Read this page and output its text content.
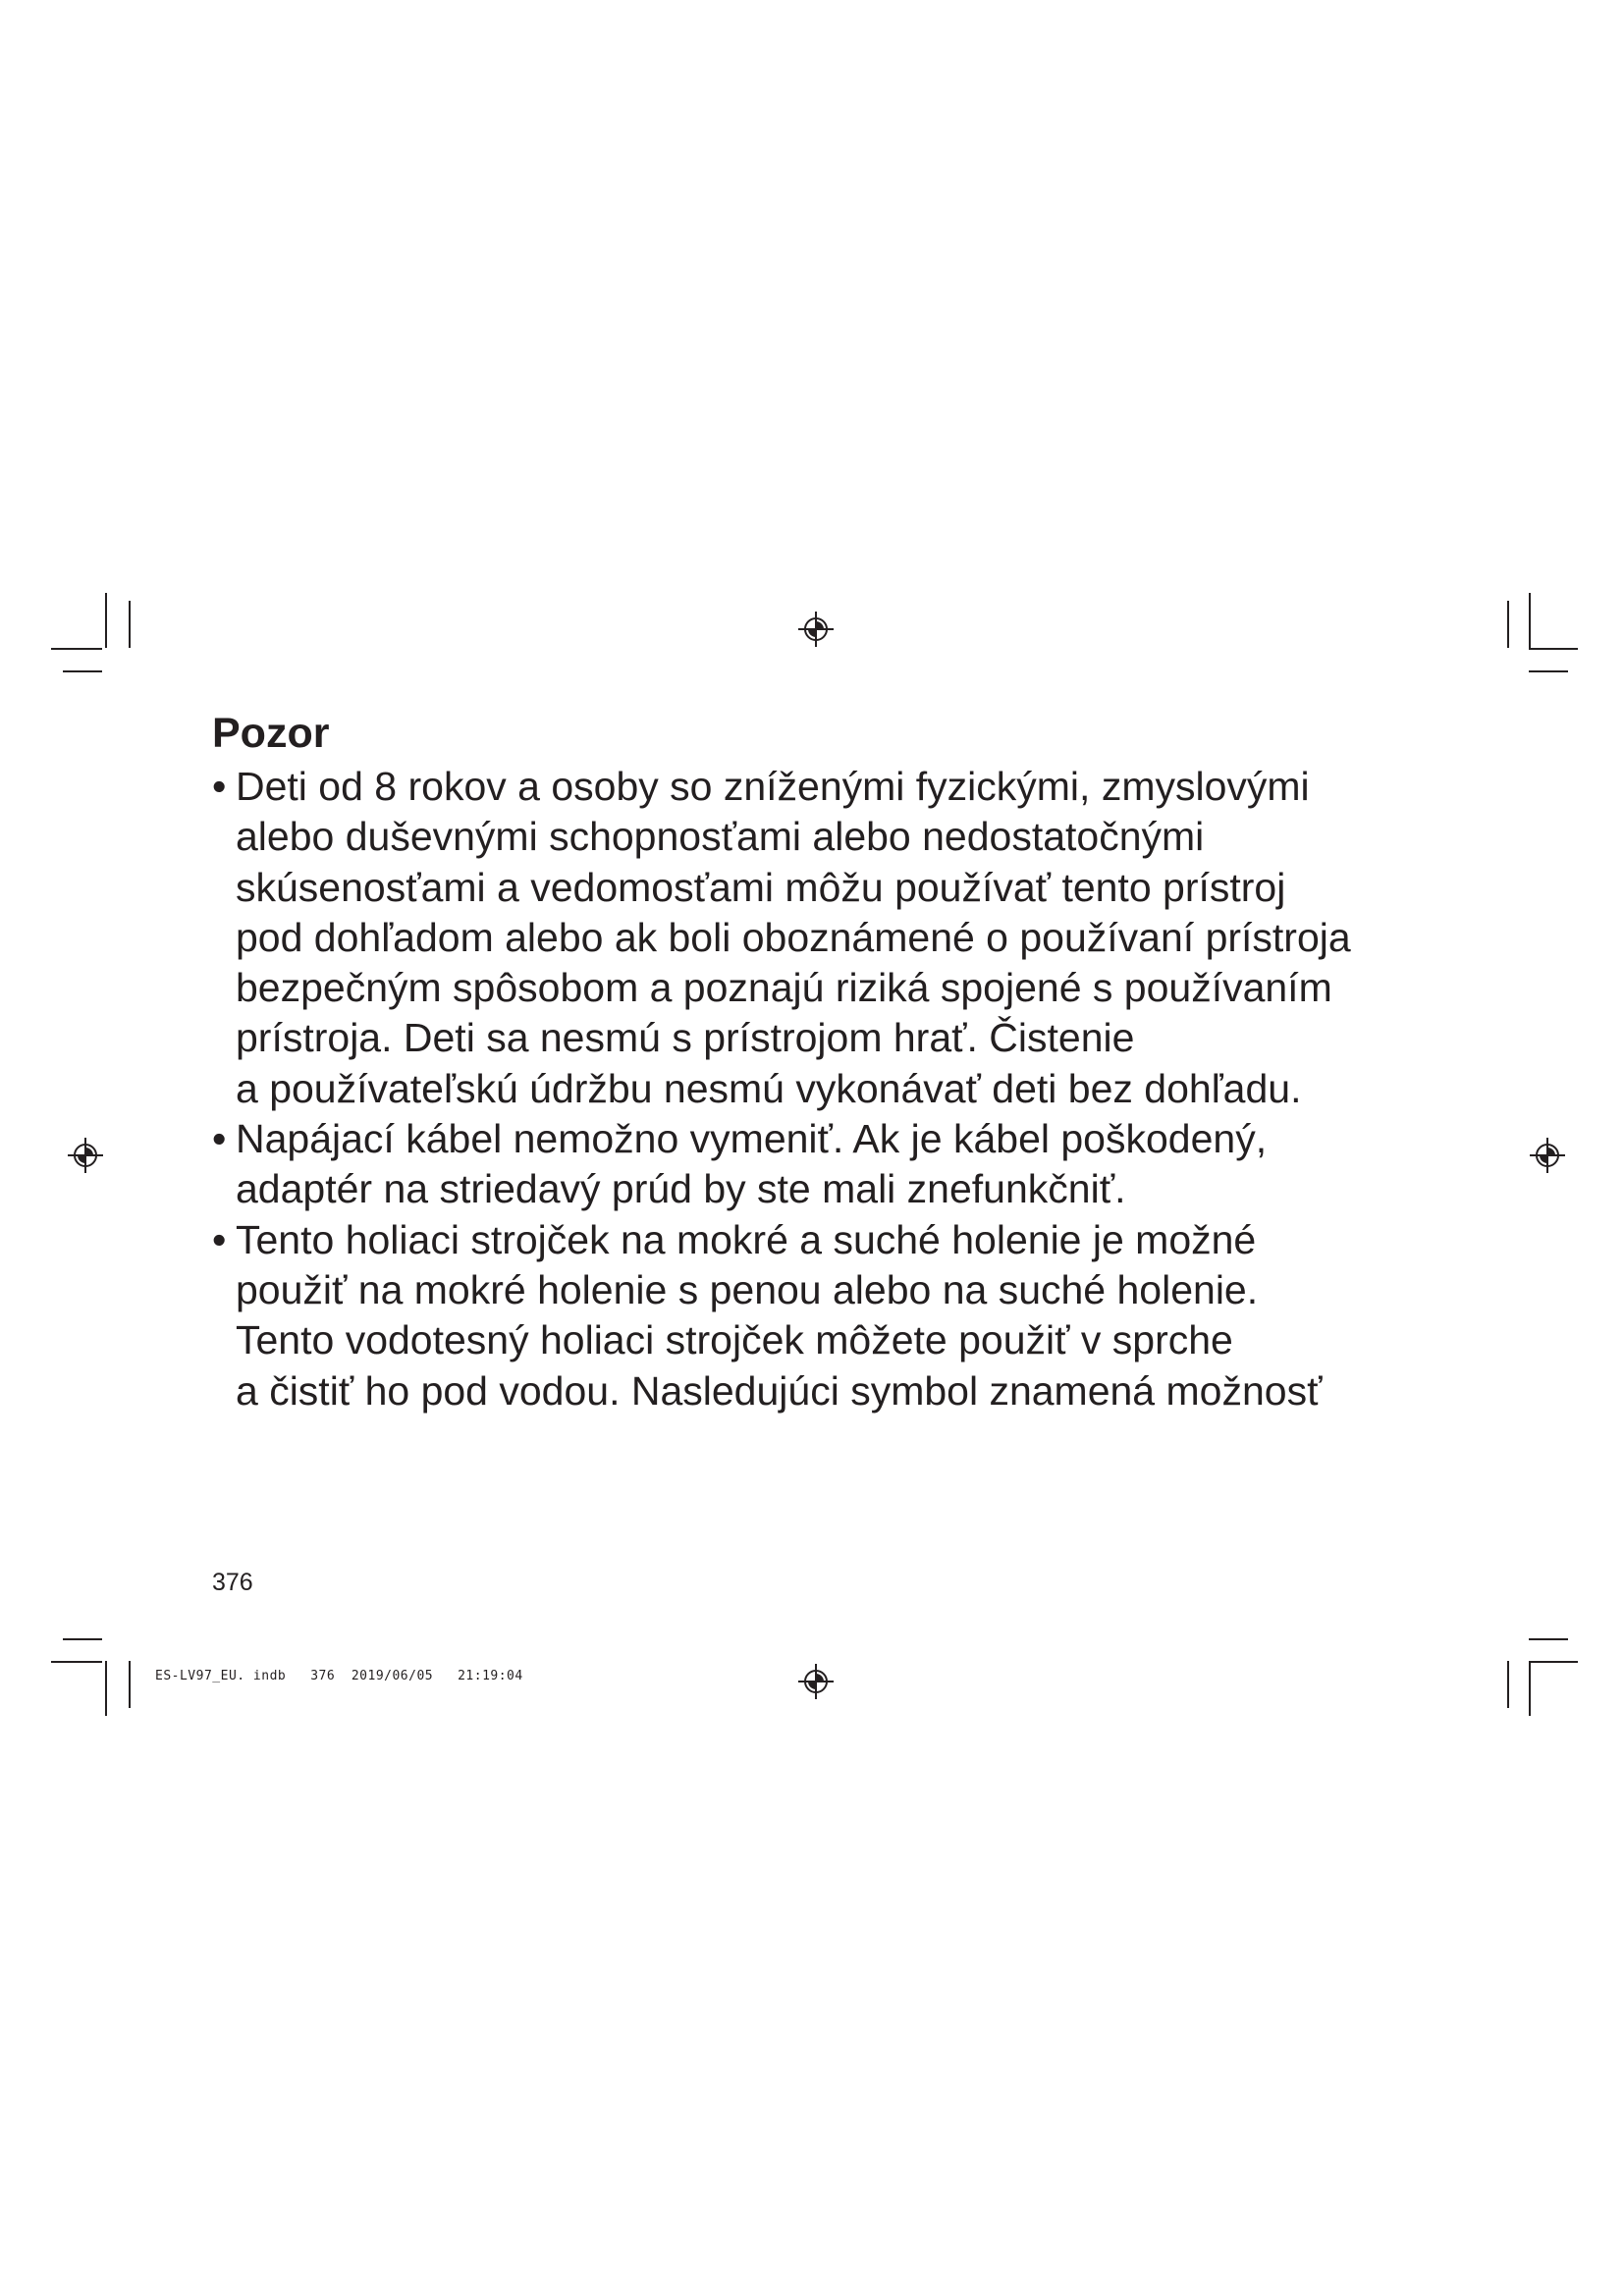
Pozor
• Deti od 8 rokov a osoby so zníženými fyzickými, zmyslovými
alebo duševnými schopnosťami alebo nedostatočnými
skúsenosťami a vedomosťami môžu používať tento prístroj
pod dohľadom alebo ak boli oboznámené o používaní prístroja
bezpečným spôsobom a poznajú riziká spojené s používaním
prístroja. Deti sa nesmú s prístrojom hrať. Čistenie
a používateľskú údržbu nesmú vykonávať deti bez dohľadu.
• Napájací kábel nemožno vymeniť. Ak je kábel poškodený,
adaptér na striedavý prúd by ste mali znefunkčniť.
• Tento holiaci strojček na mokré a suché holenie je možné
použiť na mokré holenie s penou alebo na suché holenie.
Tento vodotesný holiaci strojček môžete použiť v sprche
a čistiť ho pod vodou. Nasledujúci symbol znamená možnosť
376
ES-LV97_EU. indb   376  2019/06/05   21:19:04
